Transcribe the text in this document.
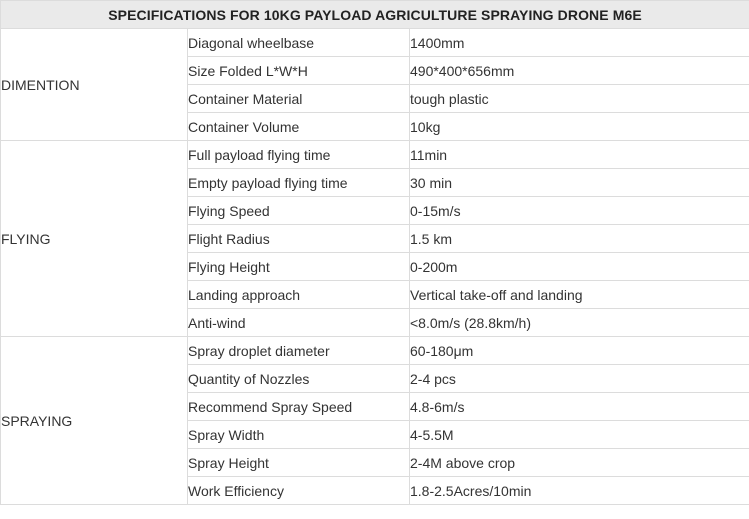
SPECIFICATIONS FOR 10KG PAYLOAD AGRICULTURE SPRAYING DRONE M6E		
DIMENTION	Diagonal wheelbase	1400mm
	Size Folded L*W*H	490*400*656mm
	Container Material	tough plastic
	Container Volume	10kg
FLYING	Full payload flying time	11min
	Empty payload flying time	30 min
	Flying Speed	0-15m/s
	Flight Radius	1.5 km
	Flying Height	0-200m
	Landing approach	Vertical take-off and landing
	Anti-wind	<8.0m/s (28.8km/h)
SPRAYING	Spray droplet diameter	60-180μm
	Quantity of Nozzles	2-4 pcs
	Recommend Spray Speed	4.8-6m/s
	Spray Width	4-5.5M
	Spray Height	2-4M above crop
	Work Efficiency	1.8-2.5Acres/10min
